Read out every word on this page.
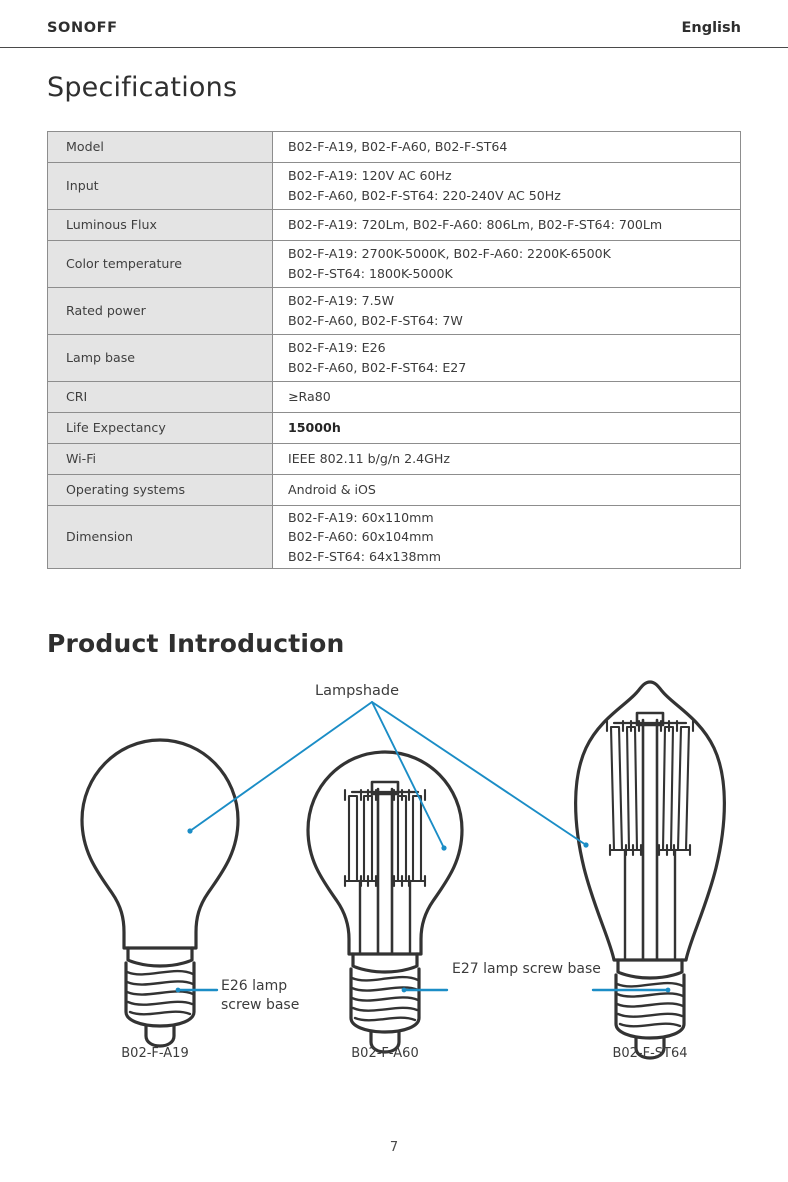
SONOFF	English
Specifications
Model	B02-F-A19, B02-F-A60, B02-F-ST64

Input	B02-F-A19: 120V AC 60Hz
B02-F-A60, B02-F-ST64: 220-240V AC 50Hz

Luminous Flux	B02-F-A19: 720Lm, B02-F-A60: 806Lm, B02-F-ST64: 700Lm

Color temperature	B02-F-A19: 2700K-5000K, B02-F-A60: 2200K-6500K
B02-F-ST64: 1800K-5000K

Rated power	B02-F-A19: 7.5W
B02-F-A60, B02-F-ST64: 7W

Lamp base	B02-F-A19: E26
B02-F-A60, B02-F-ST64: E27

CRI	≥Ra80

Life Expectancy	15000h

Wi-Fi	IEEE 802.11 b/g/n 2.4GHz

Operating systems	Android & iOS

Dimension	B02-F-A19: 60x110mm
B02-F-A60: 60x104mm
B02-F-ST64: 64x138mm
Product Introduction
Lampshade
E26 lamp screw base
E27 lamp screw base
B02-F-A19	B02-F-A60	B02-F-ST64
7
